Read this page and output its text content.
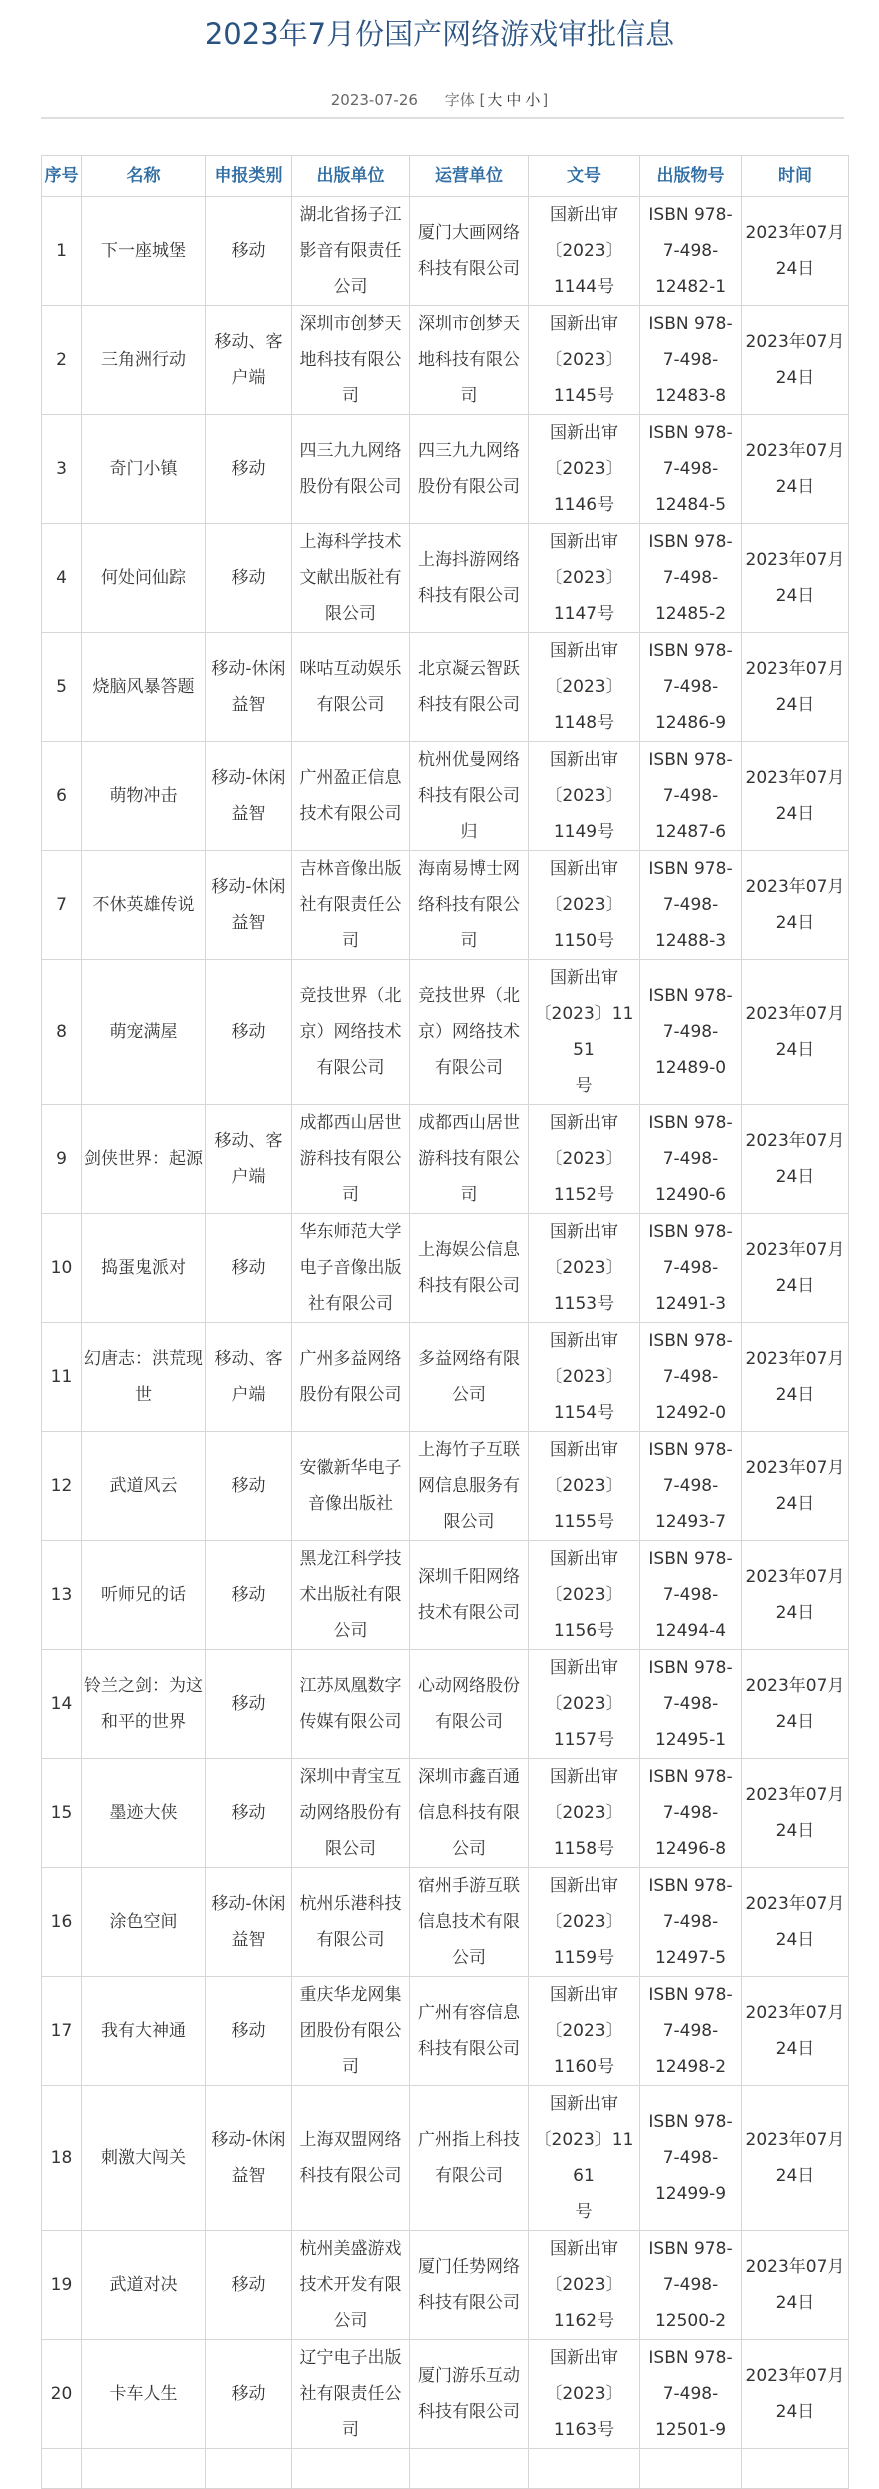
2023年7月份国产网络游戏审批信息
2023-07-26 字体 [ 大 中 小 ]
序号	名称	申报类别	出版单位	运营单位	文号	出版物号	时间
1	下一座城堡	移动	湖北省扬子江
影音有限责任
公司	厦门大画网络
科技有限公司	国新出审
〔2023〕
1144号	ISBN 978-
7-498-
12482-1	2023年07月
24日
2	三角洲行动	移动、客
户端	深圳市创梦天
地科技有限公
司	深圳市创梦天
地科技有限公
司	国新出审
〔2023〕
1145号	ISBN 978-
7-498-
12483-8	2023年07月
24日
3	奇门小镇	移动	四三九九网络
股份有限公司	四三九九网络
股份有限公司	国新出审
〔2023〕
1146号	ISBN 978-
7-498-
12484-5	2023年07月
24日
4	何处问仙踪	移动	上海科学技术
文献出版社有
限公司	上海抖游网络
科技有限公司	国新出审
〔2023〕
1147号	ISBN 978-
7-498-
12485-2	2023年07月
24日
5	烧脑风暴答题	移动-休闲
益智	咪咕互动娱乐
有限公司	北京凝云智跃
科技有限公司	国新出审
〔2023〕
1148号	ISBN 978-
7-498-
12486-9	2023年07月
24日
6	萌物冲击	移动-休闲
益智	广州盈正信息
技术有限公司	杭州优曼网络
科技有限公司
归	国新出审
〔2023〕
1149号	ISBN 978-
7-498-
12487-6	2023年07月
24日
7	不休英雄传说	移动-休闲
益智	吉林音像出版
社有限责任公
司	海南易博士网
络科技有限公
司	国新出审
〔2023〕
1150号	ISBN 978-
7-498-
12488-3	2023年07月
24日
8	萌宠满屋	移动	竞技世界（北
京）网络技术
有限公司	竞技世界（北
京）网络技术
有限公司	国新出审
〔2023〕1151
号	ISBN 978-
7-498-
12489-0	2023年07月
24日
9	剑侠世界：起源	移动、客
户端	成都西山居世
游科技有限公
司	成都西山居世
游科技有限公
司	国新出审
〔2023〕
1152号	ISBN 978-
7-498-
12490-6	2023年07月
24日
10	捣蛋鬼派对	移动	华东师范大学
电子音像出版
社有限公司	上海娱公信息
科技有限公司	国新出审
〔2023〕
1153号	ISBN 978-
7-498-
12491-3	2023年07月
24日
11	幻唐志：洪荒现
世	移动、客
户端	广州多益网络
股份有限公司	多益网络有限
公司	国新出审
〔2023〕
1154号	ISBN 978-
7-498-
12492-0	2023年07月
24日
12	武道风云	移动	安徽新华电子
音像出版社	上海竹子互联
网信息服务有
限公司	国新出审
〔2023〕
1155号	ISBN 978-
7-498-
12493-7	2023年07月
24日
13	听师兄的话	移动	黑龙江科学技
术出版社有限
公司	深圳千阳网络
技术有限公司	国新出审
〔2023〕
1156号	ISBN 978-
7-498-
12494-4	2023年07月
24日
14	铃兰之剑：为这
和平的世界	移动	江苏凤凰数字
传媒有限公司	心动网络股份
有限公司	国新出审
〔2023〕
1157号	ISBN 978-
7-498-
12495-1	2023年07月
24日
15	墨迹大侠	移动	深圳中青宝互
动网络股份有
限公司	深圳市鑫百通
信息科技有限
公司	国新出审
〔2023〕
1158号	ISBN 978-
7-498-
12496-8	2023年07月
24日
16	涂色空间	移动-休闲
益智	杭州乐港科技
有限公司	宿州手游互联
信息技术有限
公司	国新出审
〔2023〕
1159号	ISBN 978-
7-498-
12497-5	2023年07月
24日
17	我有大神通	移动	重庆华龙网集
团股份有限公
司	广州有容信息
科技有限公司	国新出审
〔2023〕
1160号	ISBN 978-
7-498-
12498-2	2023年07月
24日
18	刺激大闯关	移动-休闲
益智	上海双盟网络
科技有限公司	广州指上科技
有限公司	国新出审
〔2023〕1161
号	ISBN 978-
7-498-
12499-9	2023年07月
24日
19	武道对决	移动	杭州美盛游戏
技术开发有限
公司	厦门任势网络
科技有限公司	国新出审
〔2023〕
1162号	ISBN 978-
7-498-
12500-2	2023年07月
24日
20	卡车人生	移动	辽宁电子出版
社有限责任公
司	厦门游乐互动
科技有限公司	国新出审
〔2023〕
1163号	ISBN 978-
7-498-
12501-9	2023年07月
24日
